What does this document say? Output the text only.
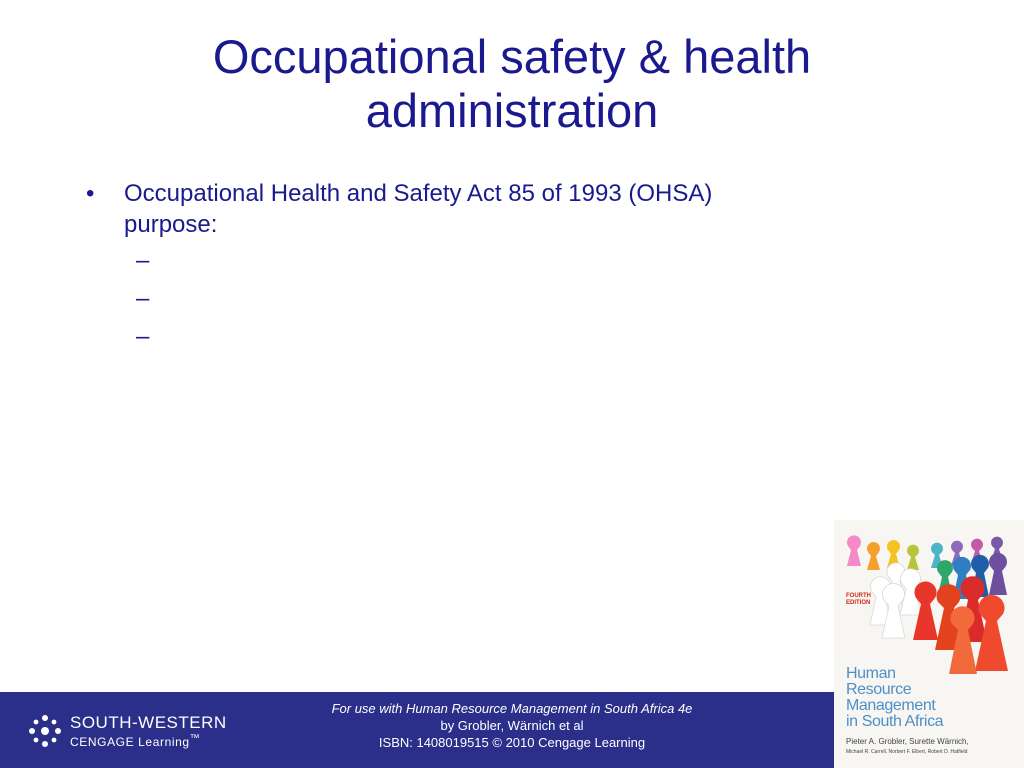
Occupational safety & health
administration
•	Occupational Health and Safety Act 85 of 1993 (OHSA)
purpose:
–
–
–
SOUTH-WESTERN
CENGAGE Learning™
For use with Human Resource Management in South Africa 4e
by Grobler, Wärnich et al
ISBN: 1408019515 © 2010 Cengage Learning
FOURTH
EDITION
Human
Resource
Management
in South Africa
Pieter A. Grobler, Surette Wärnich,
Michael R. Carrell, Norbert F. Elbert, Robert D. Hatfield
